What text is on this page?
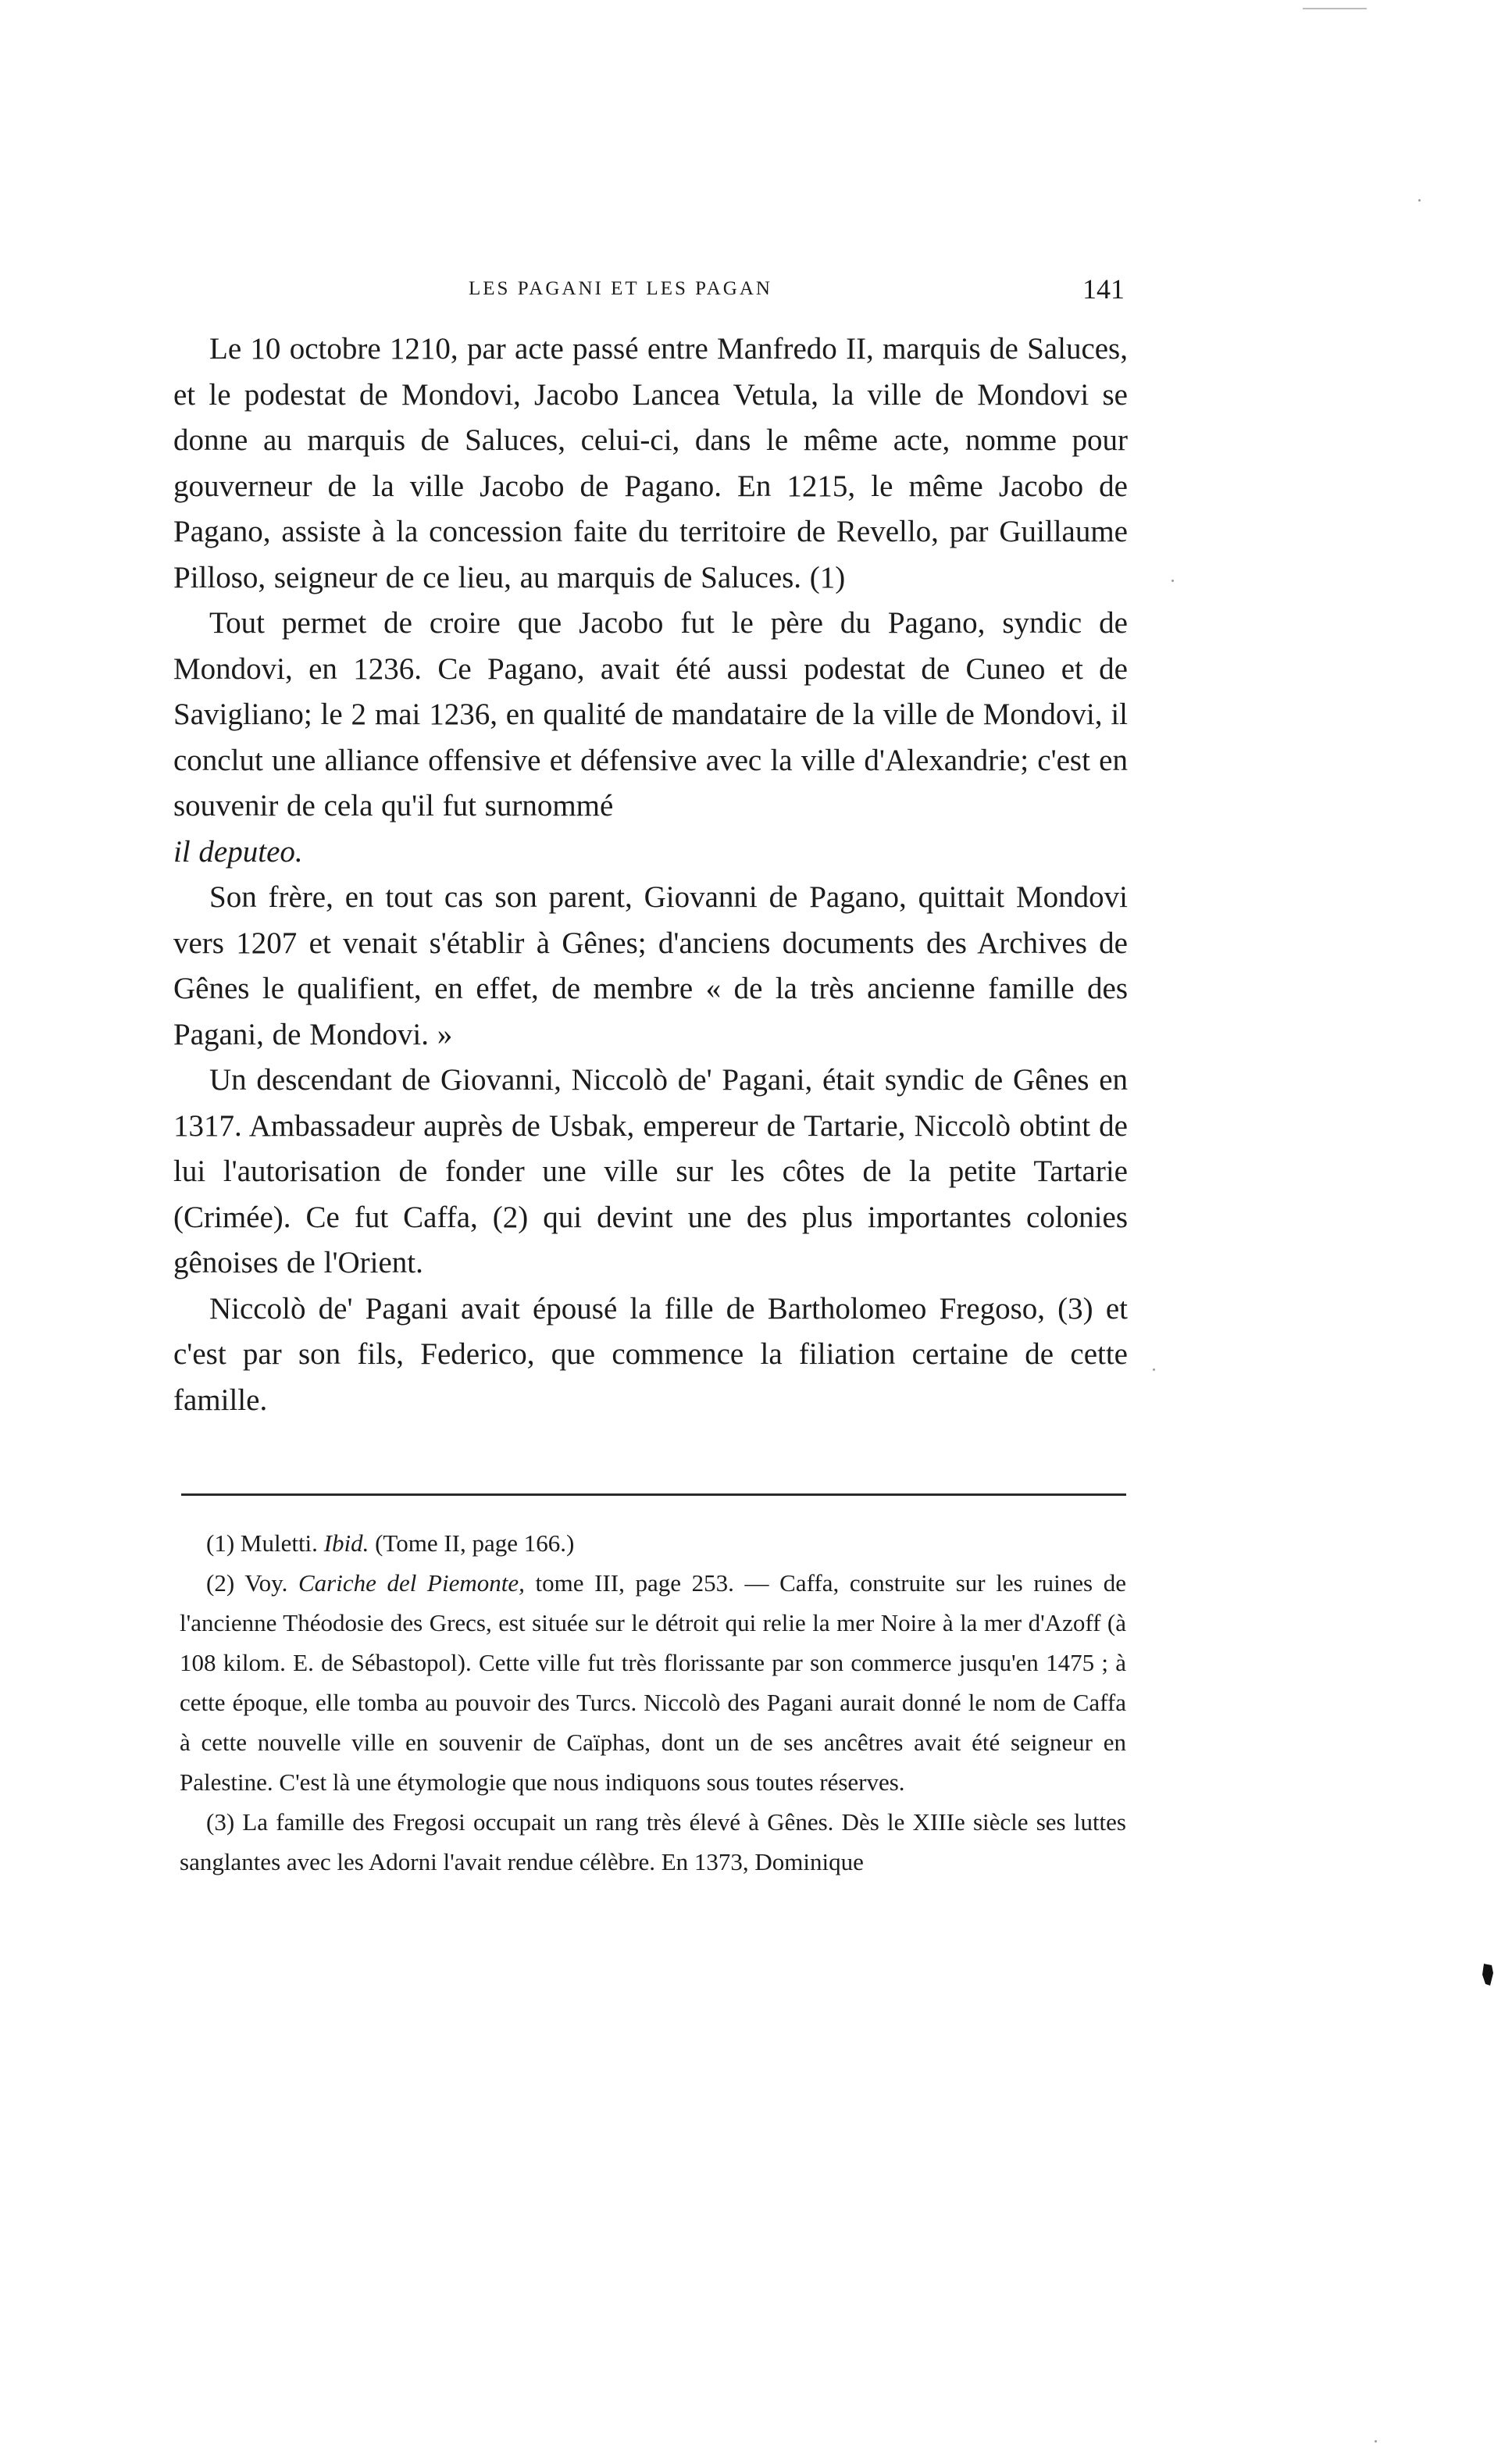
LES PAGANI ET LES PAGAN	141

Le 10 octobre 1210, par acte passé entre Manfredo II, marquis de Saluces, et le podestat de Mondovi, Jacobo Lancea Vetula, la ville de Mondovi se donne au marquis de Saluces, celui-ci, dans le même acte, nomme pour gouverneur de la ville Jacobo de Pagano. En 1215, le même Jacobo de Pagano, assiste à la concession faite du territoire de Revello, par Guillaume Pilloso, seigneur de ce lieu, au marquis de Saluces. (1)

Tout permet de croire que Jacobo fut le père du Pagano, syndic de Mondovi, en 1236. Ce Pagano, avait été aussi podestat de Cuneo et de Savigliano; le 2 mai 1236, en qualité de mandataire de la ville de Mondovi, il conclut une alliance offensive et défensive avec la ville d'Alexandrie; c'est en souvenir de cela qu'il fut surnommé
il deputeo.

Son frère, en tout cas son parent, Giovanni de Pagano, quittait Mondovi vers 1207 et venait s'établir à Gênes; d'anciens documents des Archives de Gênes le qualifient, en effet, de membre « de la très ancienne famille des Pagani, de Mondovi. »

Un descendant de Giovanni, Niccolò de' Pagani, était syndic de Gênes en 1317. Ambassadeur auprès de Usbak, empereur de Tartarie, Niccolò obtint de lui l'autorisation de fonder une ville sur les côtes de la petite Tartarie (Crimée). Ce fut Caffa, (2) qui devint une des plus importantes colonies gênoises de l'Orient.

Niccolò de' Pagani avait épousé la fille de Bartholomeo Fregoso, (3) et c'est par son fils, Federico, que commence la filiation certaine de cette famille.

(1) Muletti. Ibid. (Tome II, page 166.)

(2) Voy. Cariche del Piemonte, tome III, page 253. — Caffa, construite sur les ruines de l'ancienne Théodosie des Grecs, est située sur le détroit qui relie la mer Noire à la mer d'Azoff (à 108 kilom. E. de Sébastopol). Cette ville fut très florissante par son commerce jusqu'en 1475 ; à cette époque, elle tomba au pouvoir des Turcs. Niccolò des Pagani aurait donné le nom de Caffa à cette nouvelle ville en souvenir de Caïphas, dont un de ses ancêtres avait été seigneur en Palestine. C'est là une étymologie que nous indiquons sous toutes réserves.

(3) La famille des Fregosi occupait un rang très élevé à Gênes. Dès le XIIIe siècle ses luttes sanglantes avec les Adorni l'avait rendue célèbre. En 1373, Dominique
